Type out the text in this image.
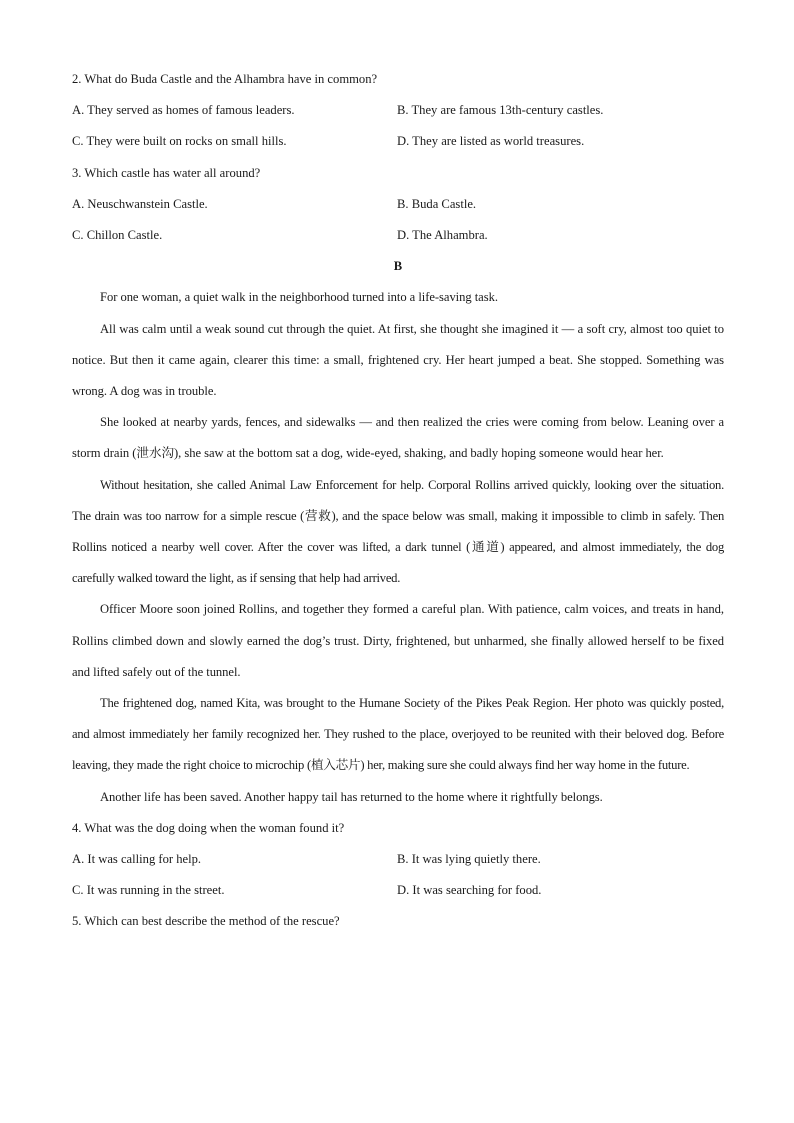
2. What do Buda Castle and the Alhambra have in common?
A. They served as homes of famous leaders.	B. They are famous 13th-century castles.
C. They were built on rocks on small hills.	D. They are listed as world treasures.
3. Which castle has water all around?
A. Neuschwanstein Castle.	B. Buda Castle.
C. Chillon Castle.	D. The Alhambra.
B

For one woman, a quiet walk in the neighborhood turned into a life-saving task.

All was calm until a weak sound cut through the quiet. At first, she thought she imagined it — a soft cry, almost too quiet to notice. But then it came again, clearer this time: a small, frightened cry. Her heart jumped a beat. She stopped. Something was wrong. A dog was in trouble.

She looked at nearby yards, fences, and sidewalks — and then realized the cries were coming from below. Leaning over a storm drain (泄水沟), she saw at the bottom sat a dog, wide-eyed, shaking, and badly hoping someone would hear her.

Without hesitation, she called Animal Law Enforcement for help. Corporal Rollins arrived quickly, looking over the situation. The drain was too narrow for a simple rescue (营救), and the space below was small, making it impossible to climb in safely. Then Rollins noticed a nearby well cover. After the cover was lifted, a dark tunnel (通道) appeared, and almost immediately, the dog carefully walked toward the light, as if sensing that help had arrived.

Officer Moore soon joined Rollins, and together they formed a careful plan. With patience, calm voices, and treats in hand, Rollins climbed down and slowly earned the dog’s trust. Dirty, frightened, but unharmed, she finally allowed herself to be fixed and lifted safely out of the tunnel.

The frightened dog, named Kita, was brought to the Humane Society of the Pikes Peak Region. Her photo was quickly posted, and almost immediately her family recognized her. They rushed to the place, overjoyed to be reunited with their beloved dog. Before leaving, they made the right choice to microchip (植入芯片) her, making sure she could always find her way home in the future.

Another life has been saved. Another happy tail has returned to the home where it rightfully belongs.

4. What was the dog doing when the woman found it?
A. It was calling for help.	B. It was lying quietly there.
C. It was running in the street.	D. It was searching for food.
5. Which can best describe the method of the rescue?
